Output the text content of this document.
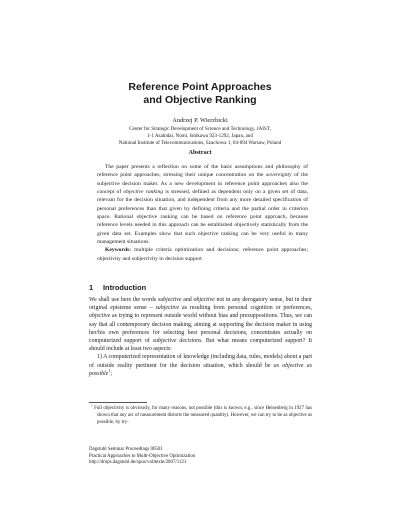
Reference Point Approaches
and Objective Ranking
Andrzej P. Wierzbicki
Center for Strategic Development of Science and Technology, JAIST,
1-1 Asahidai, Nomi, Ishikawa 923-1292, Japan, and
National Institute of Telecommunications, Szachowa 1, 04-894 Warsaw, Poland
Abstract

The paper presents a reflection on some of the basic assumptions and philosophy of reference point approaches, stressing their unique concentration on the sovereignty of the subjective decision maker. As a new development in reference point approaches also the concept of objective ranking is stressed, defined as dependent only on a given set of data, relevant for the decision situation, and independent from any more detailed specification of personal preferences than that given by defining criteria and the partial order in criterion space. Rational objective ranking can be based on reference point approach, because reference levels needed in this approach can be established objectively statistically from the given data set. Examples show that such objective ranking can be very useful in many management situations.

Keywords: multiple criteria optimization and decisions; reference point approaches; objectivity and subjectivity in decision support

1 Introduction

We shall use here the words subjective and objective not in any derogatory sense, but in their original episteme sense – subjective as resulting from personal cognition or preferences, objective as trying to represent outside world without bias and presuppositions. Thus, we can say that all contemporary decision making, aiming at supporting the decision maker in using her/his own preferences for selecting best personal decisions, concentrates actually on computerized support of subjective decisions. But what means computerized support? It should include at least two aspects:

1) A computerized representation of knowledge (including data, rules, models) about a part of outside reality pertinent for the decision situation, which should be as objective as possible$^1$;

$^1$ Full objectivity is obviously, for many reasons, not possible (this is known, e.g., since Heisenberg in 1927 has shown that any act of measurement distorts the measured quantity). However, we can try to be as objective as possible, by try-

Dagstuhl Seminar Proceedings 06501
Practical Approaches to Multi-Objective Optimization
http://drops.dagstuhl.de/opus/volltexte/2007/1121
